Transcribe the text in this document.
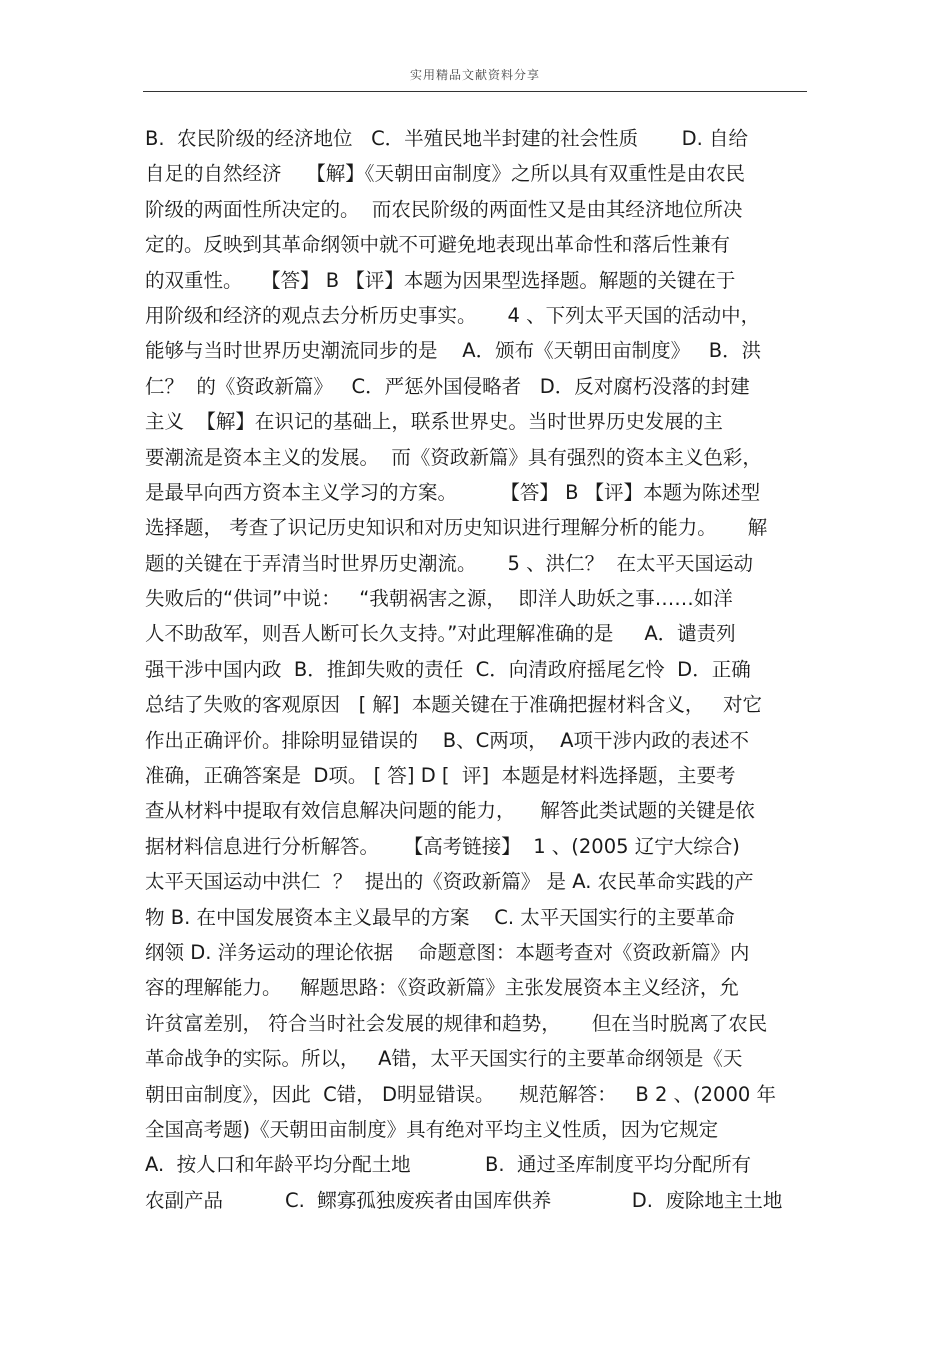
实用精品文献资料分享
B.  农民阶级的经济地位   C．半殖民地半封建的社会性质       D. 自给
自足的自然经济    【解】《天朝田亩制度》之所以具有双重性是由农民
阶级的两面性所决定的。  而农民阶级的两面性又是由其经济地位所决
定的。反映到其革命纲领中就不可避免地表现出革命性和落后性兼有
的双重性。   【答】 B 【评】本题为因果型选择题。解题的关键在于
用阶级和经济的观点去分析历史事实。     4 、下列太平天国的活动中，
能够与当时世界历史潮流同步的是    A．颁布《天朝田亩制度》   B．洪
仁？  的《资政新篇》   C．严惩外国侵略者   D．反对腐朽没落的封建
主义  【解】在识记的基础上，联系世界史。当时世界历史发展的主
要潮流是资本主义的发展。  而《资政新篇》具有强烈的资本主义色彩，
是最早向西方资本主义学习的方案。       【答】 B 【评】本题为陈述型
选择题， 考查了识记历史知识和对历史知识进行理解分析的能力。     解
题的关键在于弄清当时世界历史潮流。     5 、洪仁？  在太平天国运动
失败后的“供词”中说：   “我朝祸害之源，  即洋人助妖之事……如洋
人不助敌军，则吾人断可长久支持。”对此理解准确的是     A．谴责列
强干涉中国内政  B．推卸失败的责任  C．向清政府摇尾乞怜  D．正确
总结了失败的客观原因   [ 解]  本题关键在于准确把握材料含义，   对它
作出正确评价。排除明显错误的    B、C两项，  A项干涉内政的表述不
准确，正确答案是  D项。 [ 答] D [  评]  本题是材料选择题，主要考
查从材料中提取有效信息解决问题的能力，    解答此类试题的关键是依
据材料信息进行分析解答。    【高考链接】  1 、(2005 辽宁大综合)
太平天国运动中洪仁  ？  提出的《资政新篇》 是 A. 农民革命实践的产
物 B. 在中国发展资本主义最早的方案    C. 太平天国实行的主要革命
纲领 D. 洋务运动的理论依据    命题意图：本题考查对《资政新篇》内
容的理解能力。   解题思路：《资政新篇》主张发展资本主义经济，允
许贫富差别， 符合当时社会发展的规律和趋势，     但在当时脱离了农民
革命战争的实际。所以，   A错，太平天国实行的主要革命纲领是《天
朝田亩制度》，因此  C错， D明显错误。    规范解答：   B 2 、(2000 年
全国高考题)《天朝田亩制度》具有绝对平均主义性质，因为它规定
A.  按人口和年龄平均分配土地            B.  通过圣库制度平均分配所有
农副产品          C.  鳏寡孤独废疾者由国库供养             D.  废除地主土地
